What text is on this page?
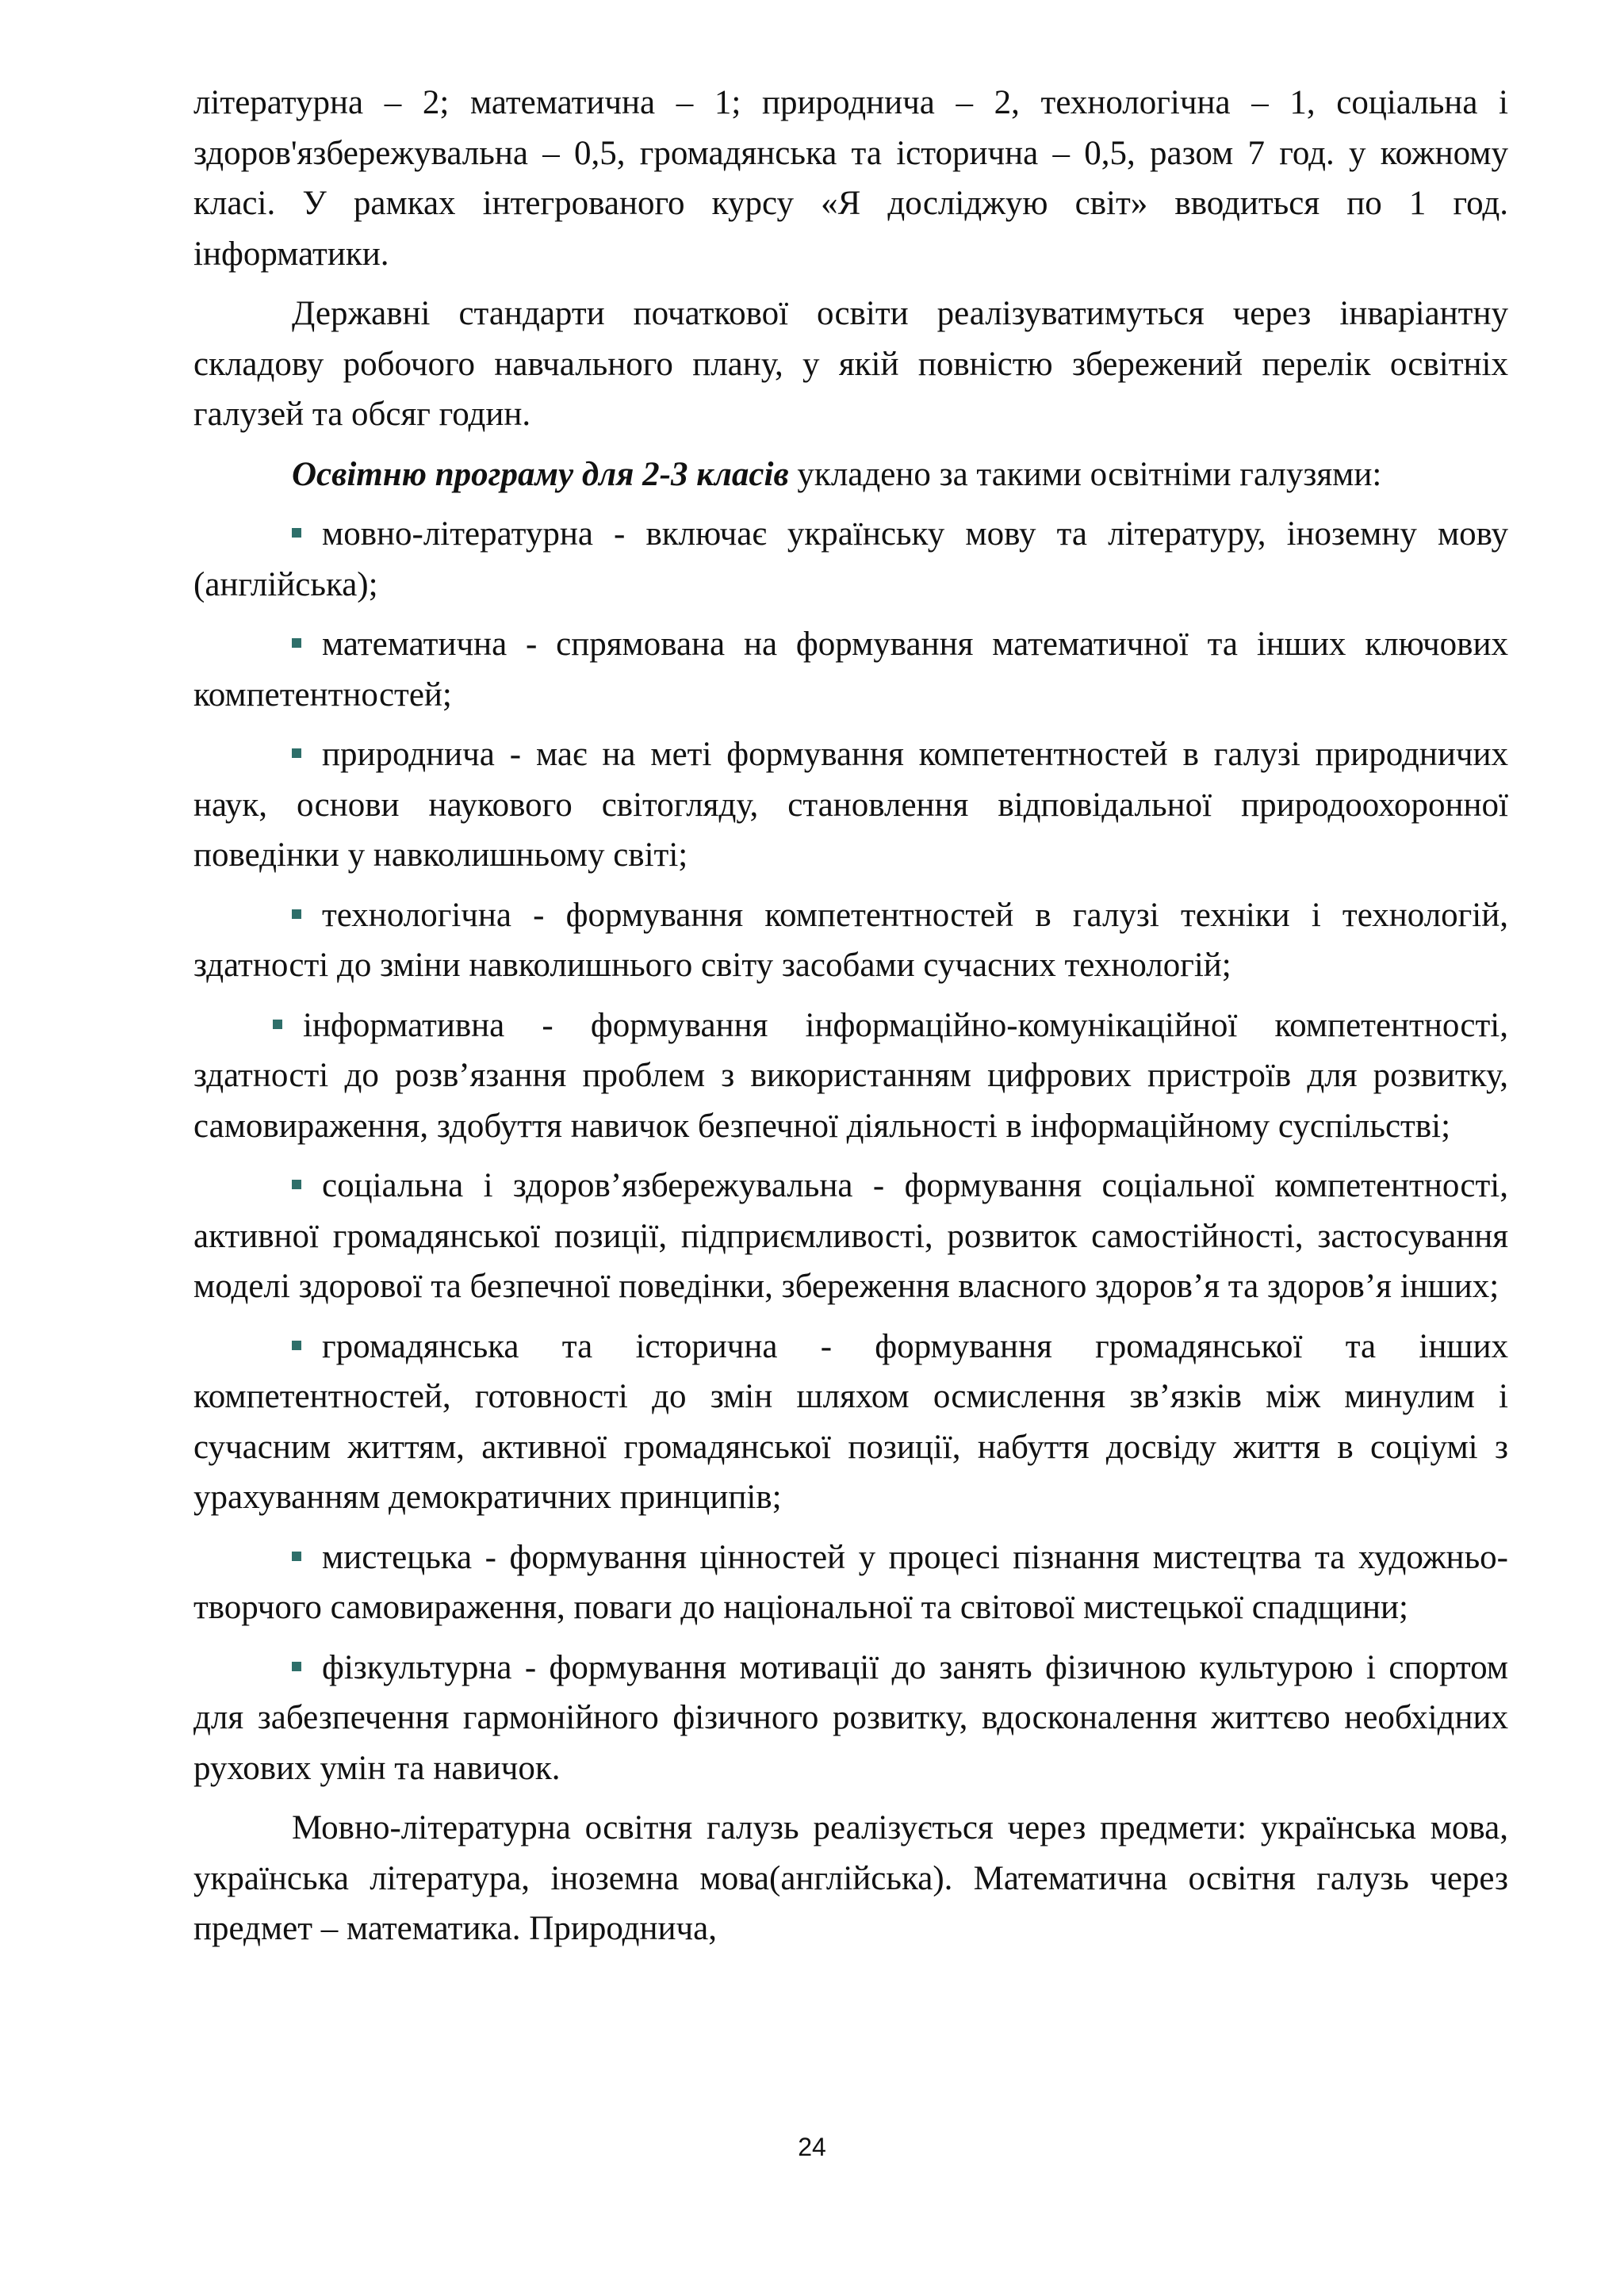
літературна – 2; математична – 1; природнича – 2, технологічна – 1, соціальна і здоров'язбережувальна – 0,5, громадянська та історична – 0,5, разом 7 год. у кожному класі. У рамках інтегрованого курсу «Я досліджую світ» вводиться по 1 год. інформатики.

Державні стандарти початкової освіти реалізуватимуться через інваріантну складову робочого навчального плану, у якій повністю збережений перелік освітніх галузей та обсяг годин.

Освітню програму для 2-3 класів укладено за такими освітніми галузями:

мовно-літературна - включає українську мову та літературу, іноземну мову (англійська);

математична - спрямована на формування математичної та інших ключових компетентностей;

природнича - має на меті формування компетентностей в галузі природничих наук, основи наукового світогляду, становлення відповідальної природоохоронної поведінки у навколишньому світі;

технологічна - формування компетентностей в галузі техніки і технологій, здатності до зміни навколишнього світу засобами сучасних технологій;

інформативна - формування інформаційно-комунікаційної компетентності, здатності до розв’язання проблем з використанням цифрових пристроїв для розвитку, самовираження, здобуття навичок безпечної діяльності в інформаційному суспільстві;

соціальна і здоров’язбережувальна - формування соціальної компетентності, активної громадянської позиції, підприємливості, розвиток самостійності, застосування моделі здорової та безпечної поведінки, збереження власного здоров’я та здоров’я інших;

громадянська та історична - формування громадянської та інших компетентностей, готовності до змін шляхом осмислення зв’язків між минулим і сучасним життям, активної громадянської позиції, набуття досвіду життя в соціумі з урахуванням демократичних принципів;

мистецька - формування цінностей у процесі пізнання мистецтва та художньо-творчого самовираження, поваги до національної та світової мистецької спадщини;

фізкультурна - формування мотивації до занять фізичною культурою і спортом для забезпечення гармонійного фізичного розвитку, вдосконалення життєво необхідних рухових умін та навичок.

Мовно-літературна освітня галузь реалізується через предмети: українська мова, українська література, іноземна мова(англійська). Математична освітня галузь через предмет – математика. Природнича,

24
